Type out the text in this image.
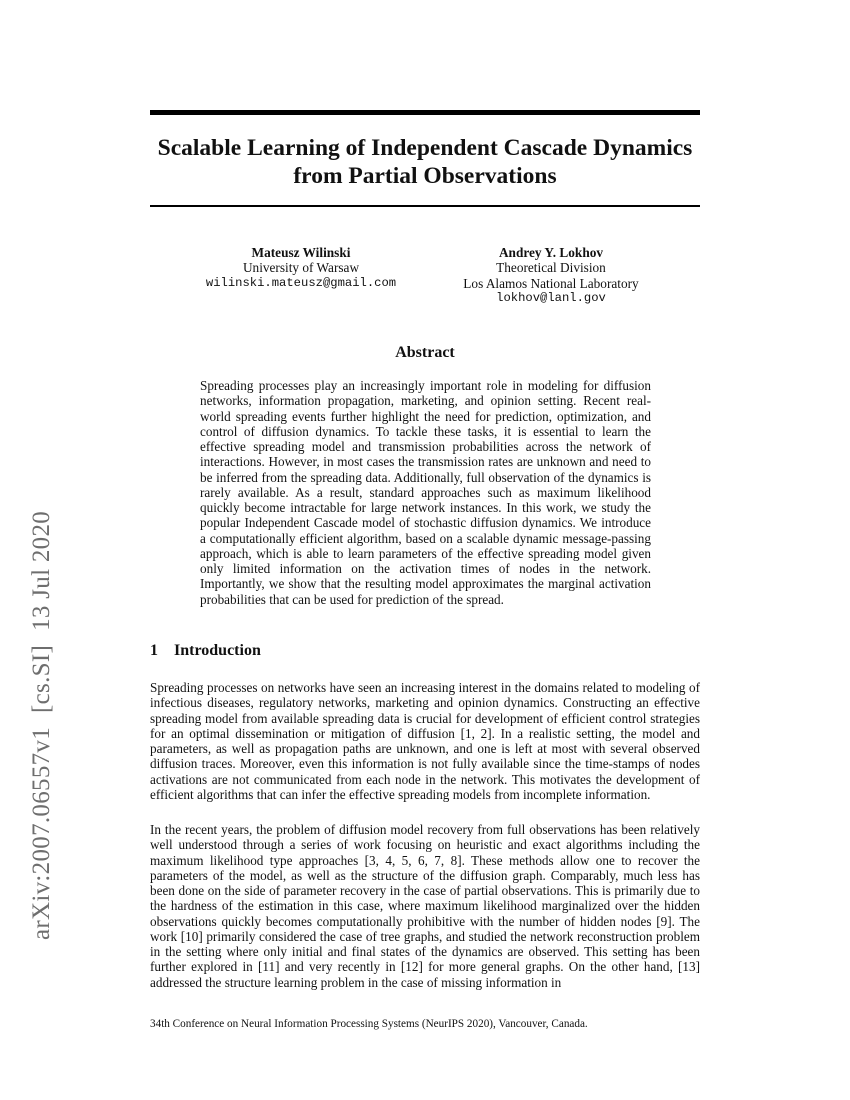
arXiv:2007.06557v1[cs.SI]13 Jul 2020
Scalable Learning of Independent Cascade Dynamics
from Partial Observations
Mateusz Wilinski
University of Warsaw
wilinski.mateusz@gmail.com
Andrey Y. Lokhov
Theoretical Division
Los Alamos National Laboratory
lokhov@lanl.gov
Abstract
Spreading processes play an increasingly important role in modeling for diffusion networks, information propagation, marketing, and opinion setting. Recent real-world spreading events further highlight the need for prediction, optimization, and control of diffusion dynamics. To tackle these tasks, it is essential to learn the effective spreading model and transmission probabilities across the network of interactions. However, in most cases the transmission rates are unknown and need to be inferred from the spreading data. Additionally, full observation of the dynamics is rarely available. As a result, standard approaches such as maximum likelihood quickly become intractable for large network instances. In this work, we study the popular Independent Cascade model of stochastic diffusion dynamics. We introduce a computationally efficient algorithm, based on a scalable dynamic message-passing approach, which is able to learn parameters of the effective spreading model given only limited information on the activation times of nodes in the network. Importantly, we show that the resulting model approximates the marginal activation probabilities that can be used for prediction of the spread.
1 Introduction
Spreading processes on networks have seen an increasing interest in the domains related to modeling of infectious diseases, regulatory networks, marketing and opinion dynamics. Constructing an effective spreading model from available spreading data is crucial for development of efficient control strategies for an optimal dissemination or mitigation of diffusion [1, 2]. In a realistic setting, the model and parameters, as well as propagation paths are unknown, and one is left at most with several observed diffusion traces. Moreover, even this information is not fully available since the time-stamps of nodes activations are not communicated from each node in the network. This motivates the development of efficient algorithms that can infer the effective spreading models from incomplete information.
In the recent years, the problem of diffusion model recovery from full observations has been relatively well understood through a series of work focusing on heuristic and exact algorithms including the maximum likelihood type approaches [3, 4, 5, 6, 7, 8]. These methods allow one to recover the parameters of the model, as well as the structure of the diffusion graph. Comparably, much less has been done on the side of parameter recovery in the case of partial observations. This is primarily due to the hardness of the estimation in this case, where maximum likelihood marginalized over the hidden observations quickly becomes computationally prohibitive with the number of hidden nodes [9]. The work [10] primarily considered the case of tree graphs, and studied the network reconstruction problem in the setting where only initial and final states of the dynamics are observed. This setting has been further explored in [11] and very recently in [12] for more general graphs. On the other hand, [13] addressed the structure learning problem in the case of missing information in
34th Conference on Neural Information Processing Systems (NeurIPS 2020), Vancouver, Canada.
